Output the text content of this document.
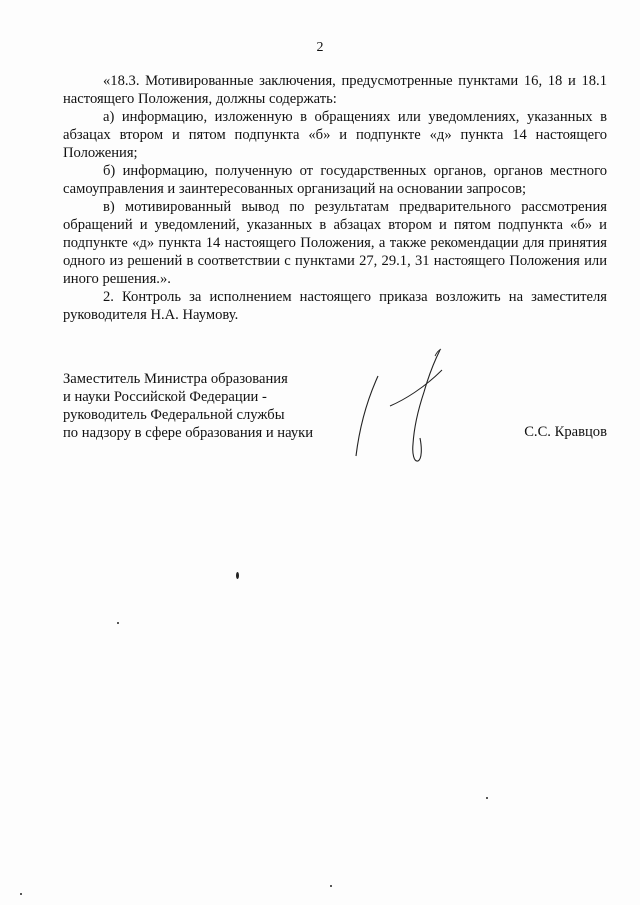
2

«18.3. Мотивированные заключения, предусмотренные пунктами 16, 18 и 18.1 настоящего Положения, должны содержать:

а) информацию, изложенную в обращениях или уведомлениях, указанных в абзацах втором и пятом подпункта «б» и подпункте «д» пункта 14 настоящего Положения;

б) информацию, полученную от государственных органов, органов местного самоуправления и заинтересованных организаций на основании запросов;

в) мотивированный вывод по результатам предварительного рассмотрения обращений и уведомлений, указанных в абзацах втором и пятом подпункта «б» и подпункте «д» пункта 14 настоящего Положения, а также рекомендации для принятия одного из решений в соответствии с пунктами 27, 29.1, 31 настоящего Положения или иного решения.».

2. Контроль за исполнением настоящего приказа возложить на заместителя руководителя Н.А. Наумову.

Заместитель Министра образования
и науки Российской Федерации -
руководитель Федеральной службы
по надзору в сфере образования и науки	С.С. Кравцов
